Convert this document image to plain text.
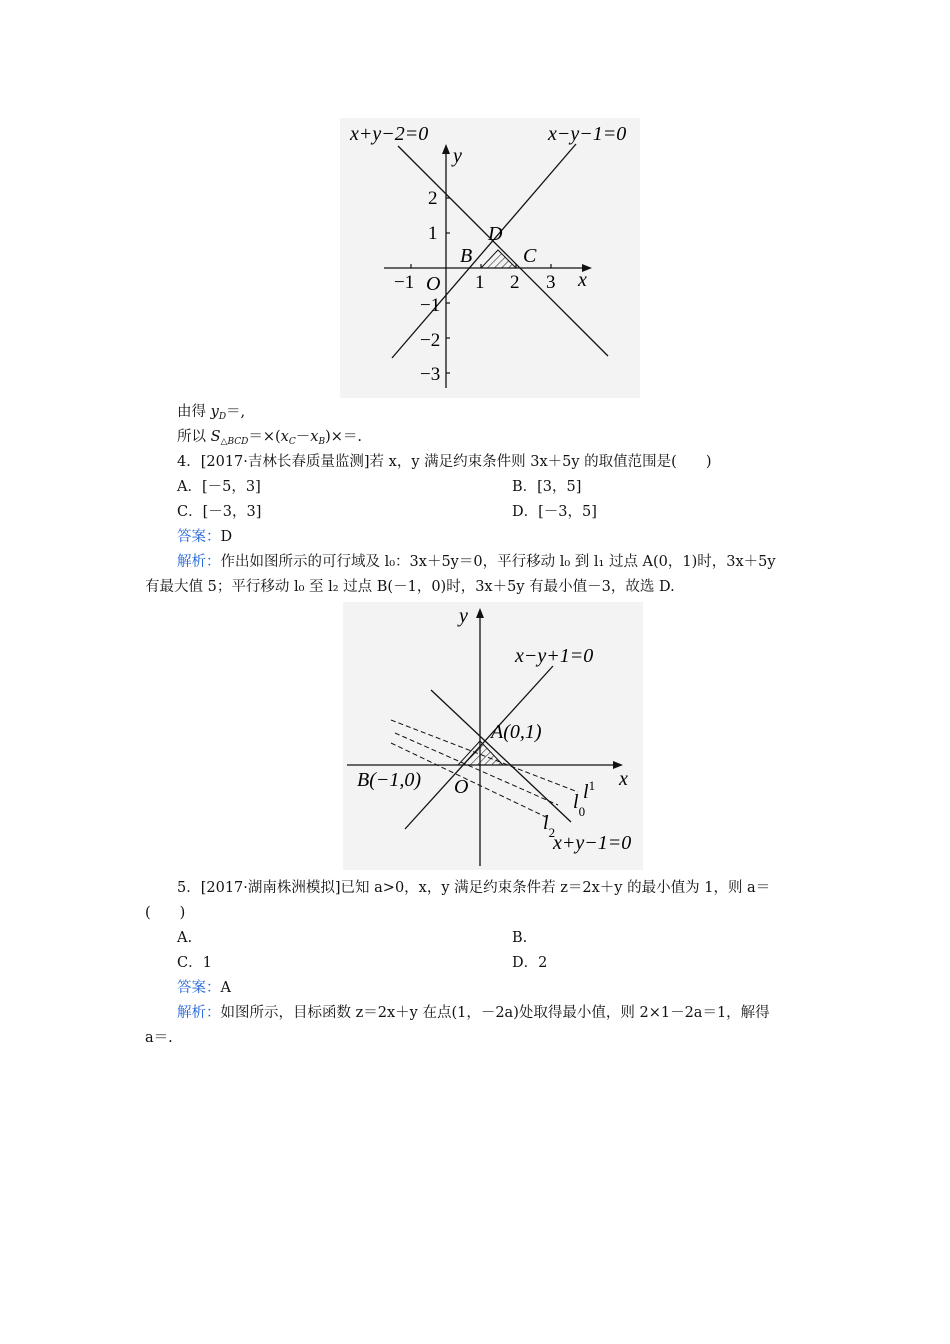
x+y−2=0	x−y−1=0
y
x
O
B	C
D
−1	1 2 3
2
1
−1
−2
−3
由得 $y_D=$,
所以 $S_{\triangle BCD}=\times(x_C-x_B)\times=$.
4．[2017·吉林长春质量监测]若 x，y 满足约束条件则 3x＋5y 的取值范围是(　　)
A．[－5，3]	B．[3，5]
C．[－3，3]	D．[－3，5]
答案：D
解析：作出如图所示的可行域及 l₀：3x＋5y＝0，平行移动 l₀ 到 l₁ 过点 A(0，1)时，3x＋5y
有最大值 5；平行移动 l₀ 至 l₂ 过点 B(－1，0)时，3x＋5y 有最小值－3，故选 D.
y
x
x−y+1=0
x+y−1=0
A(0,1)
B(−1,0) O	$l^1$
$l_0$
$l_2$
5．[2017·湖南株洲模拟]已知 a>0，x，y 满足约束条件若 z＝2x＋y 的最小值为 1，则 a＝
(　　)
A.	B.
C．1	D．2
答案：A
解析：如图所示，目标函数 z＝2x＋y 在点(1，－2a)处取得最小值，则 2×1－2a＝1，解得
a＝.
